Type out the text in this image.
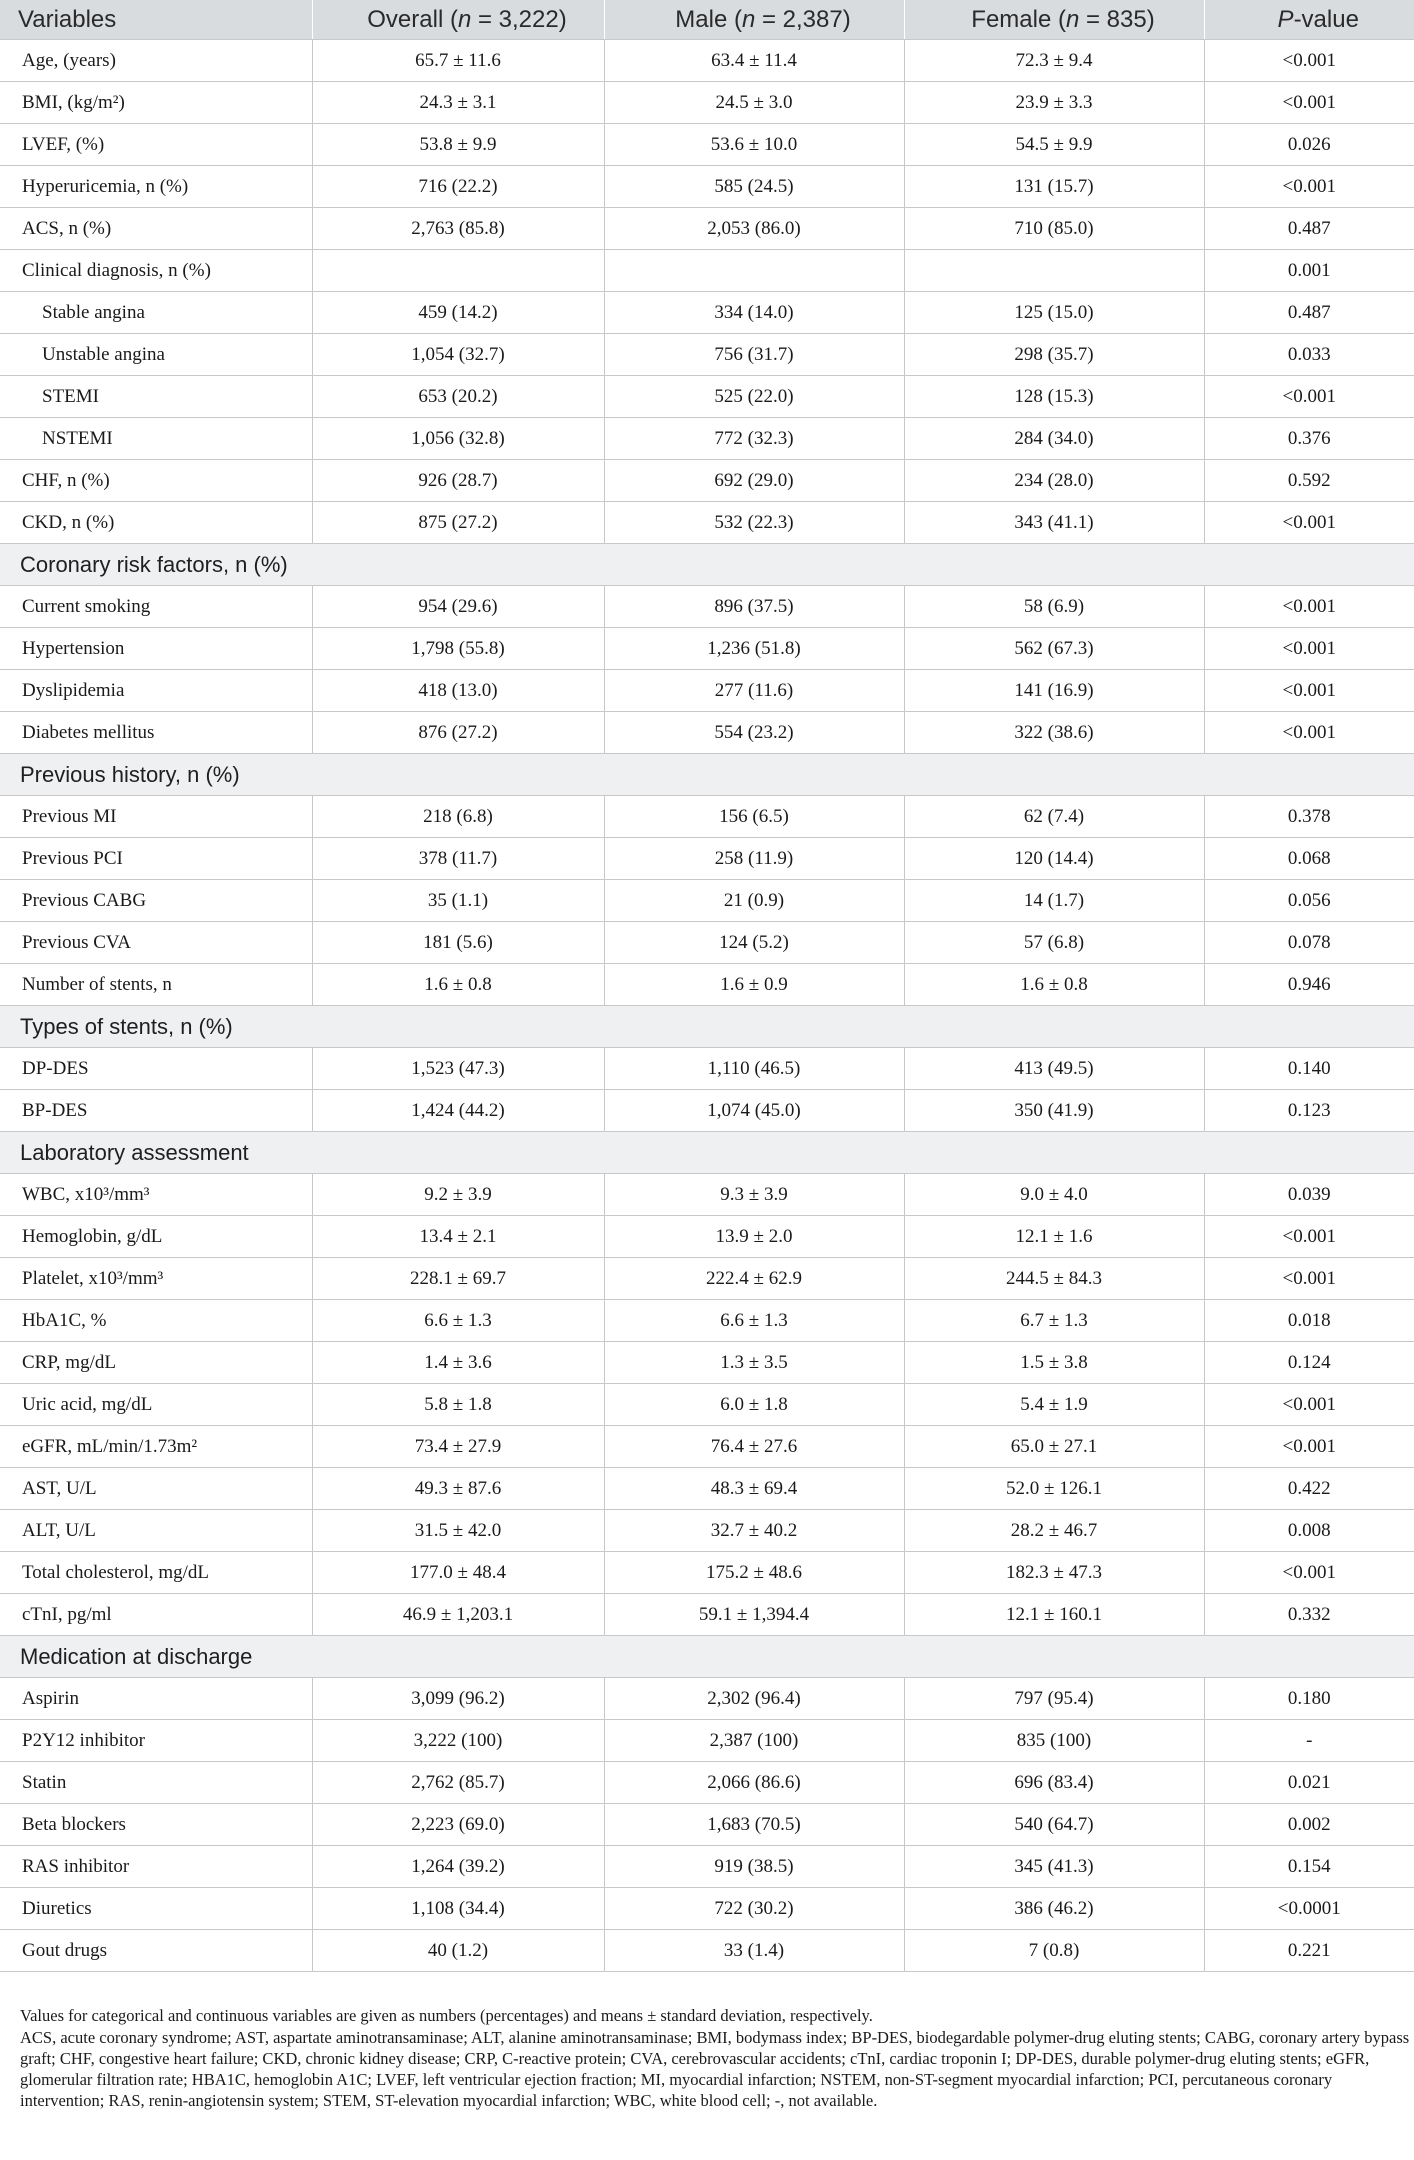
Variables	Overall (n = 3,222)	Male (n = 2,387)	Female (n = 835)	P-value
Age, (years)	65.7 ± 11.6	63.4 ± 11.4	72.3 ± 9.4	<0.001
BMI, (kg/m²)	24.3 ± 3.1	24.5 ± 3.0	23.9 ± 3.3	<0.001
LVEF, (%)	53.8 ± 9.9	53.6 ± 10.0	54.5 ± 9.9	0.026
Hyperuricemia, n (%)	716 (22.2)	585 (24.5)	131 (15.7)	<0.001
ACS, n (%)	2,763 (85.8)	2,053 (86.0)	710 (85.0)	0.487
Clinical diagnosis, n (%)				0.001
Stable angina	459 (14.2)	334 (14.0)	125 (15.0)	0.487
Unstable angina	1,054 (32.7)	756 (31.7)	298 (35.7)	0.033
STEMI	653 (20.2)	525 (22.0)	128 (15.3)	<0.001
NSTEMI	1,056 (32.8)	772 (32.3)	284 (34.0)	0.376
CHF, n (%)	926 (28.7)	692 (29.0)	234 (28.0)	0.592
CKD, n (%)	875 (27.2)	532 (22.3)	343 (41.1)	<0.001
Coronary risk factors, n (%)				
Current smoking	954 (29.6)	896 (37.5)	58 (6.9)	<0.001
Hypertension	1,798 (55.8)	1,236 (51.8)	562 (67.3)	<0.001
Dyslipidemia	418 (13.0)	277 (11.6)	141 (16.9)	<0.001
Diabetes mellitus	876 (27.2)	554 (23.2)	322 (38.6)	<0.001
Previous history, n (%)				
Previous MI	218 (6.8)	156 (6.5)	62 (7.4)	0.378
Previous PCI	378 (11.7)	258 (11.9)	120 (14.4)	0.068
Previous CABG	35 (1.1)	21 (0.9)	14 (1.7)	0.056
Previous CVA	181 (5.6)	124 (5.2)	57 (6.8)	0.078
Number of stents, n	1.6 ± 0.8	1.6 ± 0.9	1.6 ± 0.8	0.946
Types of stents, n (%)				
DP-DES	1,523 (47.3)	1,110 (46.5)	413 (49.5)	0.140
BP-DES	1,424 (44.2)	1,074 (45.0)	350 (41.9)	0.123
Laboratory assessment				
WBC, x10³/mm³	9.2 ± 3.9	9.3 ± 3.9	9.0 ± 4.0	0.039
Hemoglobin, g/dL	13.4 ± 2.1	13.9 ± 2.0	12.1 ± 1.6	<0.001
Platelet, x10³/mm³	228.1 ± 69.7	222.4 ± 62.9	244.5 ± 84.3	<0.001
HbA1C, %	6.6 ± 1.3	6.6 ± 1.3	6.7 ± 1.3	0.018
CRP, mg/dL	1.4 ± 3.6	1.3 ± 3.5	1.5 ± 3.8	0.124
Uric acid, mg/dL	5.8 ± 1.8	6.0 ± 1.8	5.4 ± 1.9	<0.001
eGFR, mL/min/1.73m²	73.4 ± 27.9	76.4 ± 27.6	65.0 ± 27.1	<0.001
AST, U/L	49.3 ± 87.6	48.3 ± 69.4	52.0 ± 126.1	0.422
ALT, U/L	31.5 ± 42.0	32.7 ± 40.2	28.2 ± 46.7	0.008
Total cholesterol, mg/dL	177.0 ± 48.4	175.2 ± 48.6	182.3 ± 47.3	<0.001
cTnI, pg/ml	46.9 ± 1,203.1	59.1 ± 1,394.4	12.1 ± 160.1	0.332
Medication at discharge				
Aspirin	3,099 (96.2)	2,302 (96.4)	797 (95.4)	0.180
P2Y12 inhibitor	3,222 (100)	2,387 (100)	835 (100)	-
Statin	2,762 (85.7)	2,066 (86.6)	696 (83.4)	0.021
Beta blockers	2,223 (69.0)	1,683 (70.5)	540 (64.7)	0.002
RAS inhibitor	1,264 (39.2)	919 (38.5)	345 (41.3)	0.154
Diuretics	1,108 (34.4)	722 (30.2)	386 (46.2)	<0.0001
Gout drugs	40 (1.2)	33 (1.4)	7 (0.8)	0.221

Values for categorical and continuous variables are given as numbers (percentages) and means ± standard deviation, respectively.

ACS, acute coronary syndrome; AST, aspartate aminotransaminase; ALT, alanine aminotransaminase; BMI, bodymass index; BP-DES, biodegardable polymer-drug eluting stents; CABG, coronary artery bypass graft; CHF, congestive heart failure; CKD, chronic kidney disease; CRP, C-reactive protein; CVA, cerebrovascular accidents; cTnI, cardiac troponin I; DP-DES, durable polymer-drug eluting stents; eGFR, glomerular filtration rate; HBA1C, hemoglobin A1C; LVEF, left ventricular ejection fraction; MI, myocardial infarction; NSTEM, non-ST-segment myocardial infarction; PCI, percutaneous coronary intervention; RAS, renin-angiotensin system; STEM, ST-elevation myocardial infarction; WBC, white blood cell; -, not available.
